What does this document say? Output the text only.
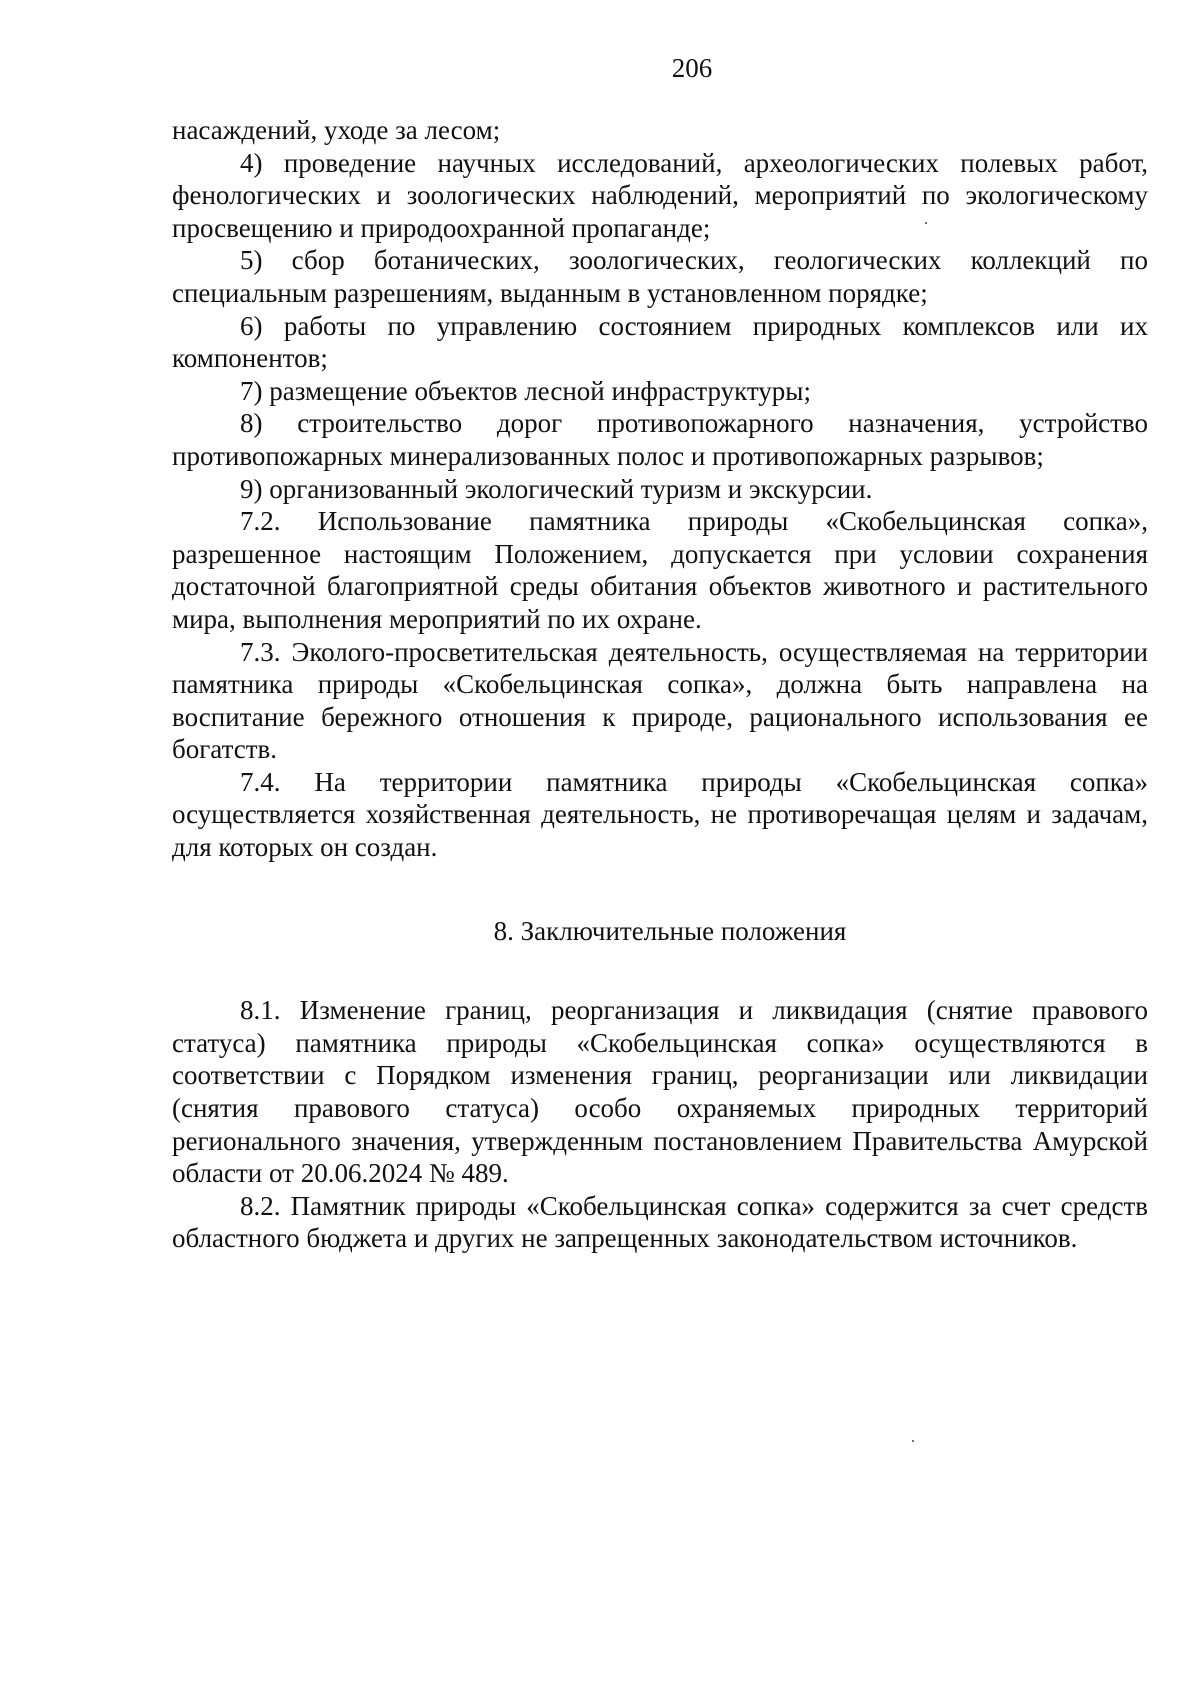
206

насаждений, уходе за лесом;

4) проведение научных исследований, археологических полевых работ, фенологических и зоологических наблюдений, мероприятий по экологическому просвещению и природоохранной пропаганде;

5) сбор ботанических, зоологических, геологических коллекций по специальным разрешениям, выданным в установленном порядке;

6) работы по управлению состоянием природных комплексов или их компонентов;

7) размещение объектов лесной инфраструктуры;

8) строительство дорог противопожарного назначения, устройство противопожарных минерализованных полос и противопожарных разрывов;

9) организованный экологический туризм и экскурсии.

7.2. Использование памятника природы «Скобельцинская сопка», разрешенное настоящим Положением, допускается при условии сохранения достаточной благоприятной среды обитания объектов животного и растительного мира, выполнения мероприятий по их охране.

7.3. Эколого-просветительская деятельность, осуществляемая на территории памятника природы «Скобельцинская сопка», должна быть направлена на воспитание бережного отношения к природе, рационального использования ее богатств.

7.4. На территории памятника природы «Скобельцинская сопка» осуществляется хозяйственная деятельность, не противоречащая целям и задачам, для которых он создан.

8. Заключительные положения

8.1. Изменение границ, реорганизация и ликвидация (снятие правового статуса) памятника природы «Скобельцинская сопка» осуществляются в соответствии с Порядком изменения границ, реорганизации или ликвидации (снятия правового статуса) особо охраняемых природных территорий регионального значения, утвержденным постановлением Правительства Амурской области от 20.06.2024 № 489.

8.2. Памятник природы «Скобельцинская сопка» содержится за счет средств областного бюджета и других не запрещенных законодательством источников.
